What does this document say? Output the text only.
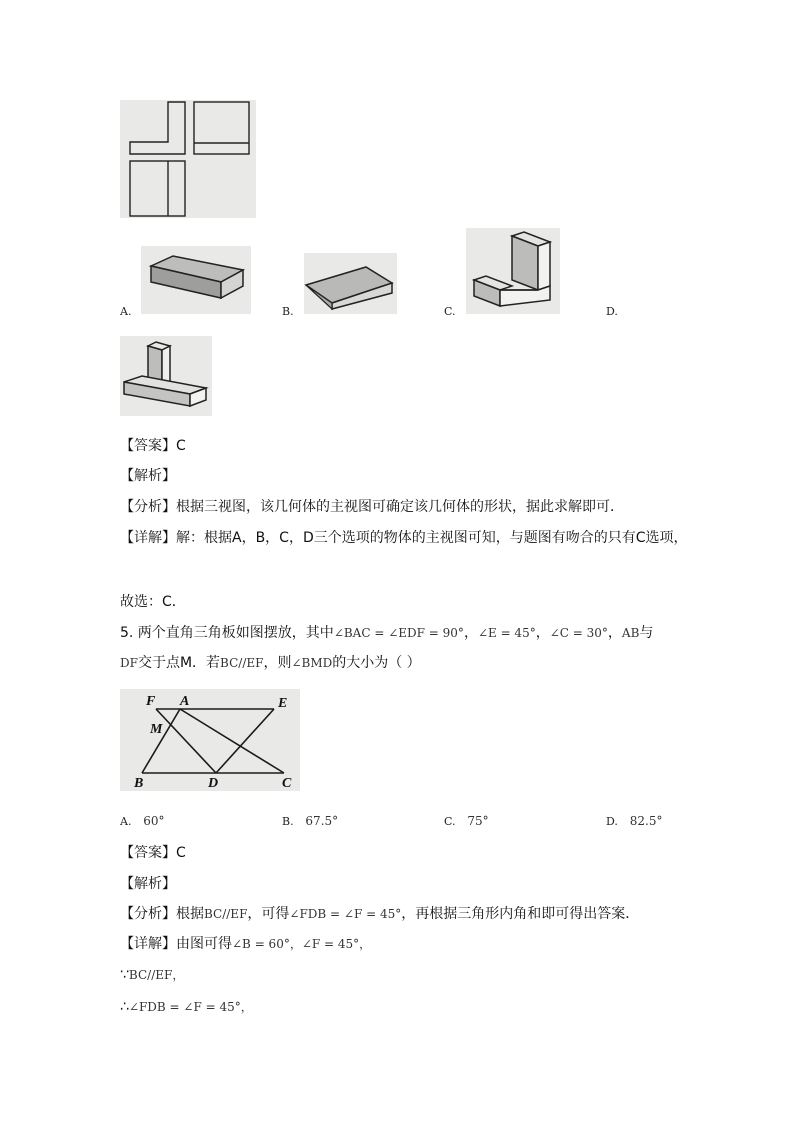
A.	B.	C.	D.
【答案】C
【解析】
【分析】根据三视图，该几何体的主视图可确定该几何体的形状，据此求解即可．
【详解】解：根据A，B，C，D三个选项的物体的主视图可知，与题图有吻合的只有C选项，
故选：C．
5. 两个直角三角板如图摆放，其中∠BAC = ∠EDF = 90°，∠E = 45°，∠C = 30°，AB与
DF交于点M．若BC//EF，则∠BMD的大小为（ ）
F A	E
M
B	D	C
A. 60°	B. 67.5°	C. 75°	D. 82.5°
【答案】C
【解析】
【分析】根据BC//EF，可得∠FDB = ∠F = 45°，再根据三角形内角和即可得出答案．
【详解】由图可得∠B = 60°，∠F = 45°，
∵BC//EF，
∴∠FDB = ∠F = 45°，
